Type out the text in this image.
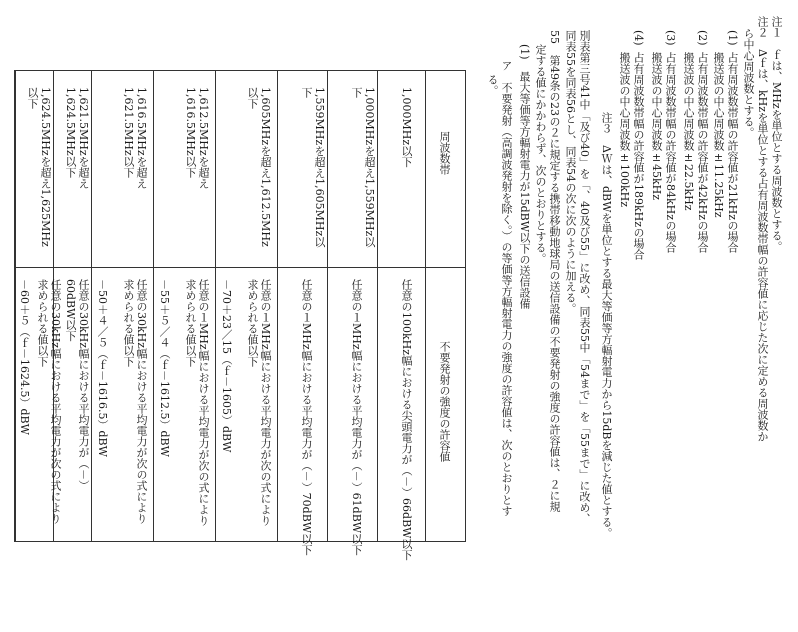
注１　ｆは、MHzを単位とする周波数とする。
注２　Δｆは、kHzを単位とする占有周波数帯幅の許容値に応じた次に定める周波数か
ら中心周波数とする。
(1)
占有周波数帯幅の許容値が21kHzの場合
搬送波の中心周波数±11.25kHz
(2)
占有周波数帯幅の許容値が42kHzの場合
搬送波の中心周波数±22.5kHz
(3)
占有周波数帯幅の許容値が84kHzの場合
搬送波の中心周波数±45kHz
(4)
占有周波数帯幅の許容値が189kHzの場合
搬送波の中心周波数±100kHz
注３　ΔＷは、dBWを単位とする最大等価等方輻射電力から15dBを減じた値とする。
別表第三号41中「及び40」を「、40及び55」に改め、同表55中「54まで」を「55まで」に改め、
同表55を同表56とし、同表54の次に次のように加える。
55　第49条の23の２に規定する携帯移動地球局の送信設備の不要発射の強度の許容値は、２に規
定する値にかかわらず、次のとおりとする。
(1)　最大等価等方輻射電力が15dBW以下の送信設備
ア　不要発射（高調波発射を除く。）の等価等方輻射電力の強度の許容値は、次のとおりとす
る。
周波数帯
不要発射の強度の許容値
1,000MHz以下
任意の100kHz幅における尖頭電力が（－）66dBW以下
1,000MHzを超え1,559MHz以下
任意の１MHz幅における平均電力が（－）61dBW以下
1,559MHzを超え1,605MHz以下
任意の１MHz幅における平均電力が（－）70dBW以下
1,605MHzを超え1,612.5MHz以下
任意の１MHz幅における平均電力が次の式により求められる値以下
－70＋23／15（ｆ－1605）dBW
1,612.5MHzを超え1,616.5MHz以下
任意の１MHz幅における平均電力が次の式により求められる値以下
－55＋５／４（ｆ－1612.5）dBW
1,616.5MHzを超え1,621.5MHz以下
任意の30kHz幅における平均電力が次の式により求められる値以下
－50＋４／５（ｆ－1616.5）dBW
1,621.5MHzを超え1,624.5MHz以下
任意の30kHz幅における平均電力が（－）60dBW以下
1,624.5MHzを超え1,625MHz以下
任意の30kHz幅における平均電力が次の式により求められる値以下
－60＋５（ｆ－1624.5）dBW
